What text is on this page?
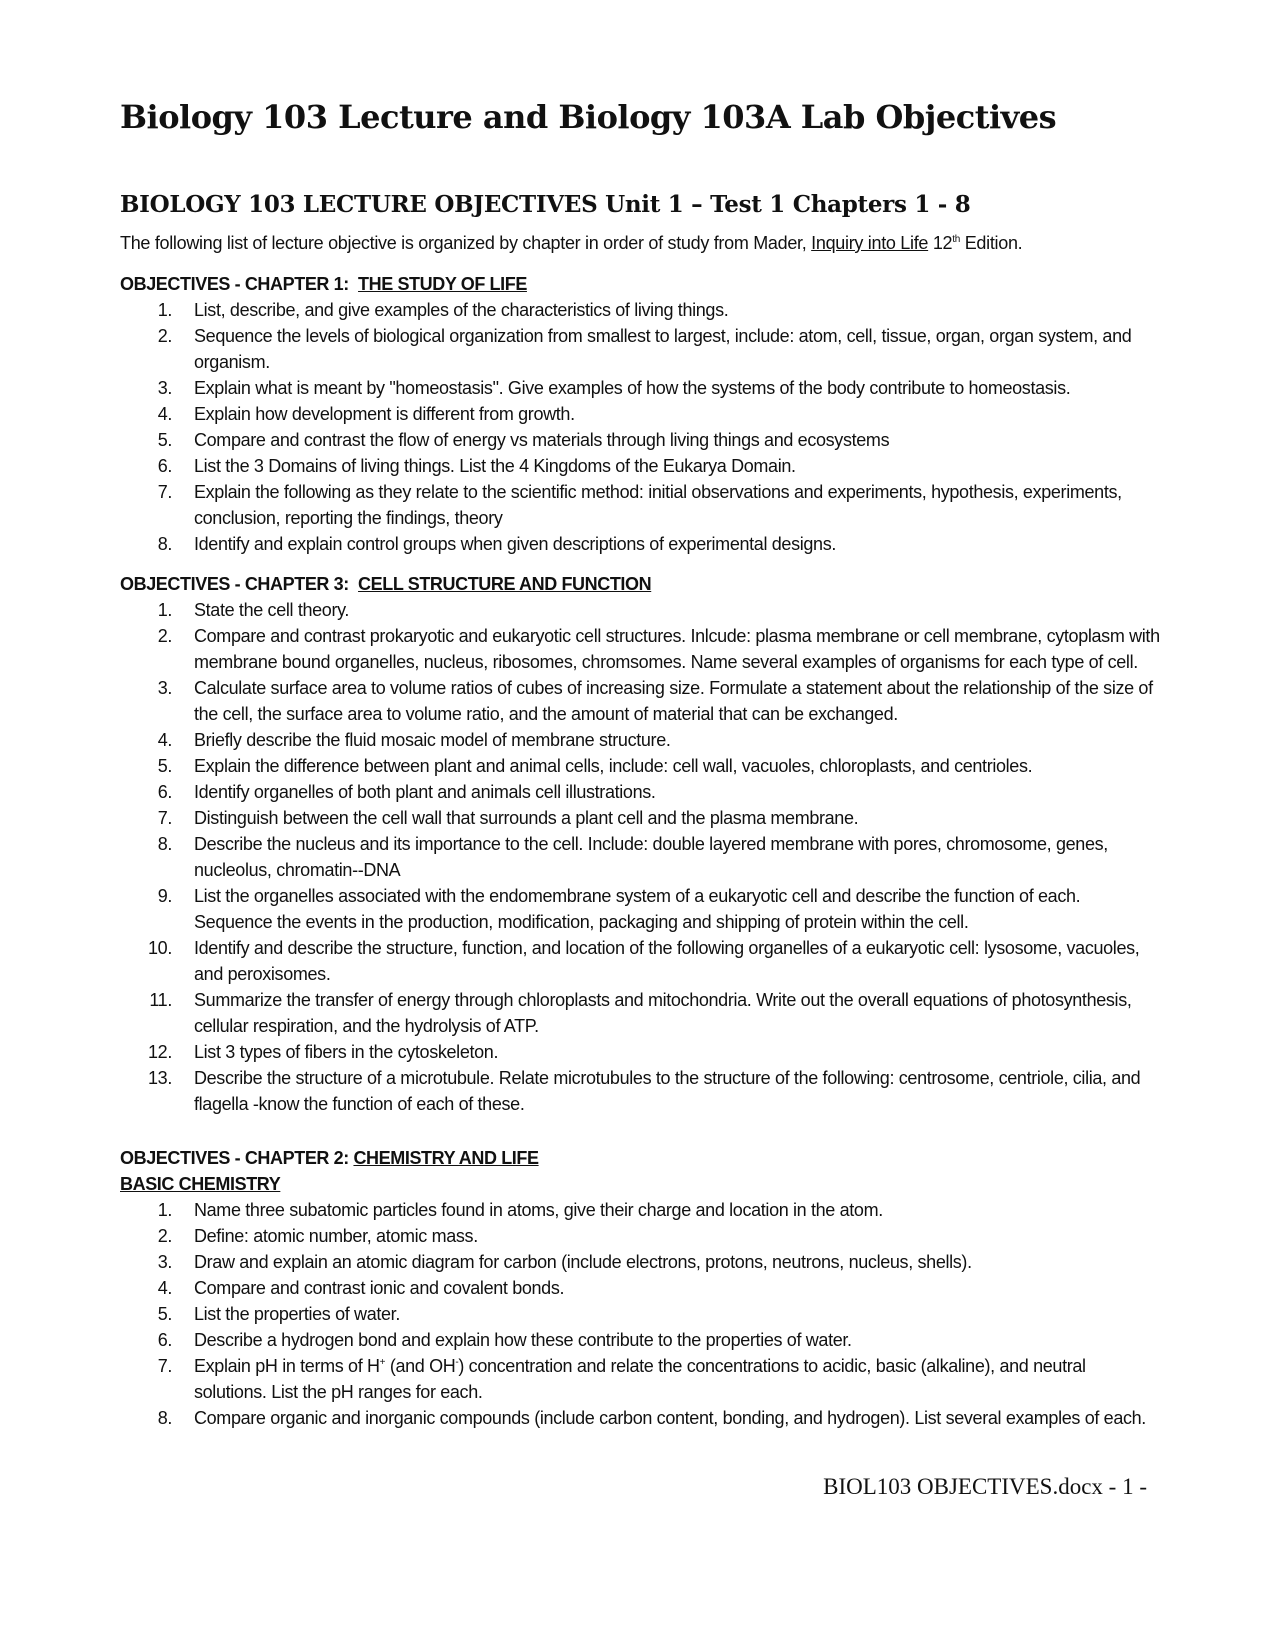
Biology 103 Lecture and Biology 103A Lab Objectives
BIOLOGY 103 LECTURE OBJECTIVES Unit 1 – Test 1 Chapters 1 - 8

The following list of lecture objective is organized by chapter in order of study from Mader, Inquiry into Life 12th Edition.

OBJECTIVES - CHAPTER 1: THE STUDY OF LIFE

1. List, describe, and give examples of the characteristics of living things.
2. Sequence the levels of biological organization from smallest to largest, include: atom, cell, tissue, organ, organ system, and organism.
3. Explain what is meant by "homeostasis". Give examples of how the systems of the body contribute to homeostasis.
4. Explain how development is different from growth.
5. Compare and contrast the flow of energy vs materials through living things and ecosystems
6. List the 3 Domains of living things. List the 4 Kingdoms of the Eukarya Domain.
7. Explain the following as they relate to the scientific method: initial observations and experiments, hypothesis, experiments, conclusion, reporting the findings, theory
8. Identify and explain control groups when given descriptions of experimental designs.

OBJECTIVES - CHAPTER 3: CELL STRUCTURE AND FUNCTION

1. State the cell theory.
2. Compare and contrast prokaryotic and eukaryotic cell structures. Inlcude: plasma membrane or cell membrane, cytoplasm with membrane bound organelles, nucleus, ribosomes, chromsomes. Name several examples of organisms for each type of cell.
3. Calculate surface area to volume ratios of cubes of increasing size. Formulate a statement about the relationship of the size of the cell, the surface area to volume ratio, and the amount of material that can be exchanged.
4. Briefly describe the fluid mosaic model of membrane structure.
5. Explain the difference between plant and animal cells, include: cell wall, vacuoles, chloroplasts, and centrioles.
6. Identify organelles of both plant and animals cell illustrations.
7. Distinguish between the cell wall that surrounds a plant cell and the plasma membrane.
8. Describe the nucleus and its importance to the cell. Include: double layered membrane with pores, chromosome, genes, nucleolus, chromatin--DNA
9. List the organelles associated with the endomembrane system of a eukaryotic cell and describe the function of each. Sequence the events in the production, modification, packaging and shipping of protein within the cell.
10. Identify and describe the structure, function, and location of the following organelles of a eukaryotic cell: lysosome, vacuoles, and peroxisomes.
11. Summarize the transfer of energy through chloroplasts and mitochondria. Write out the overall equations of photosynthesis, cellular respiration, and the hydrolysis of ATP.
12. List 3 types of fibers in the cytoskeleton.
13. Describe the structure of a microtubule. Relate microtubules to the structure of the following: centrosome, centriole, cilia, and flagella -know the function of each of these.

OBJECTIVES - CHAPTER 2: CHEMISTRY AND LIFE

BASIC CHEMISTRY

1. Name three subatomic particles found in atoms, give their charge and location in the atom.
2. Define: atomic number, atomic mass.
3. Draw and explain an atomic diagram for carbon (include electrons, protons, neutrons, nucleus, shells).
4. Compare and contrast ionic and covalent bonds.
5. List the properties of water.
6. Describe a hydrogen bond and explain how these contribute to the properties of water.
7. Explain pH in terms of H+ (and OH-) concentration and relate the concentrations to acidic, basic (alkaline), and neutral solutions. List the pH ranges for each.
8. Compare organic and inorganic compounds (include carbon content, bonding, and hydrogen). List several examples of each.

BIOL103 OBJECTIVES.docx - 1 -
